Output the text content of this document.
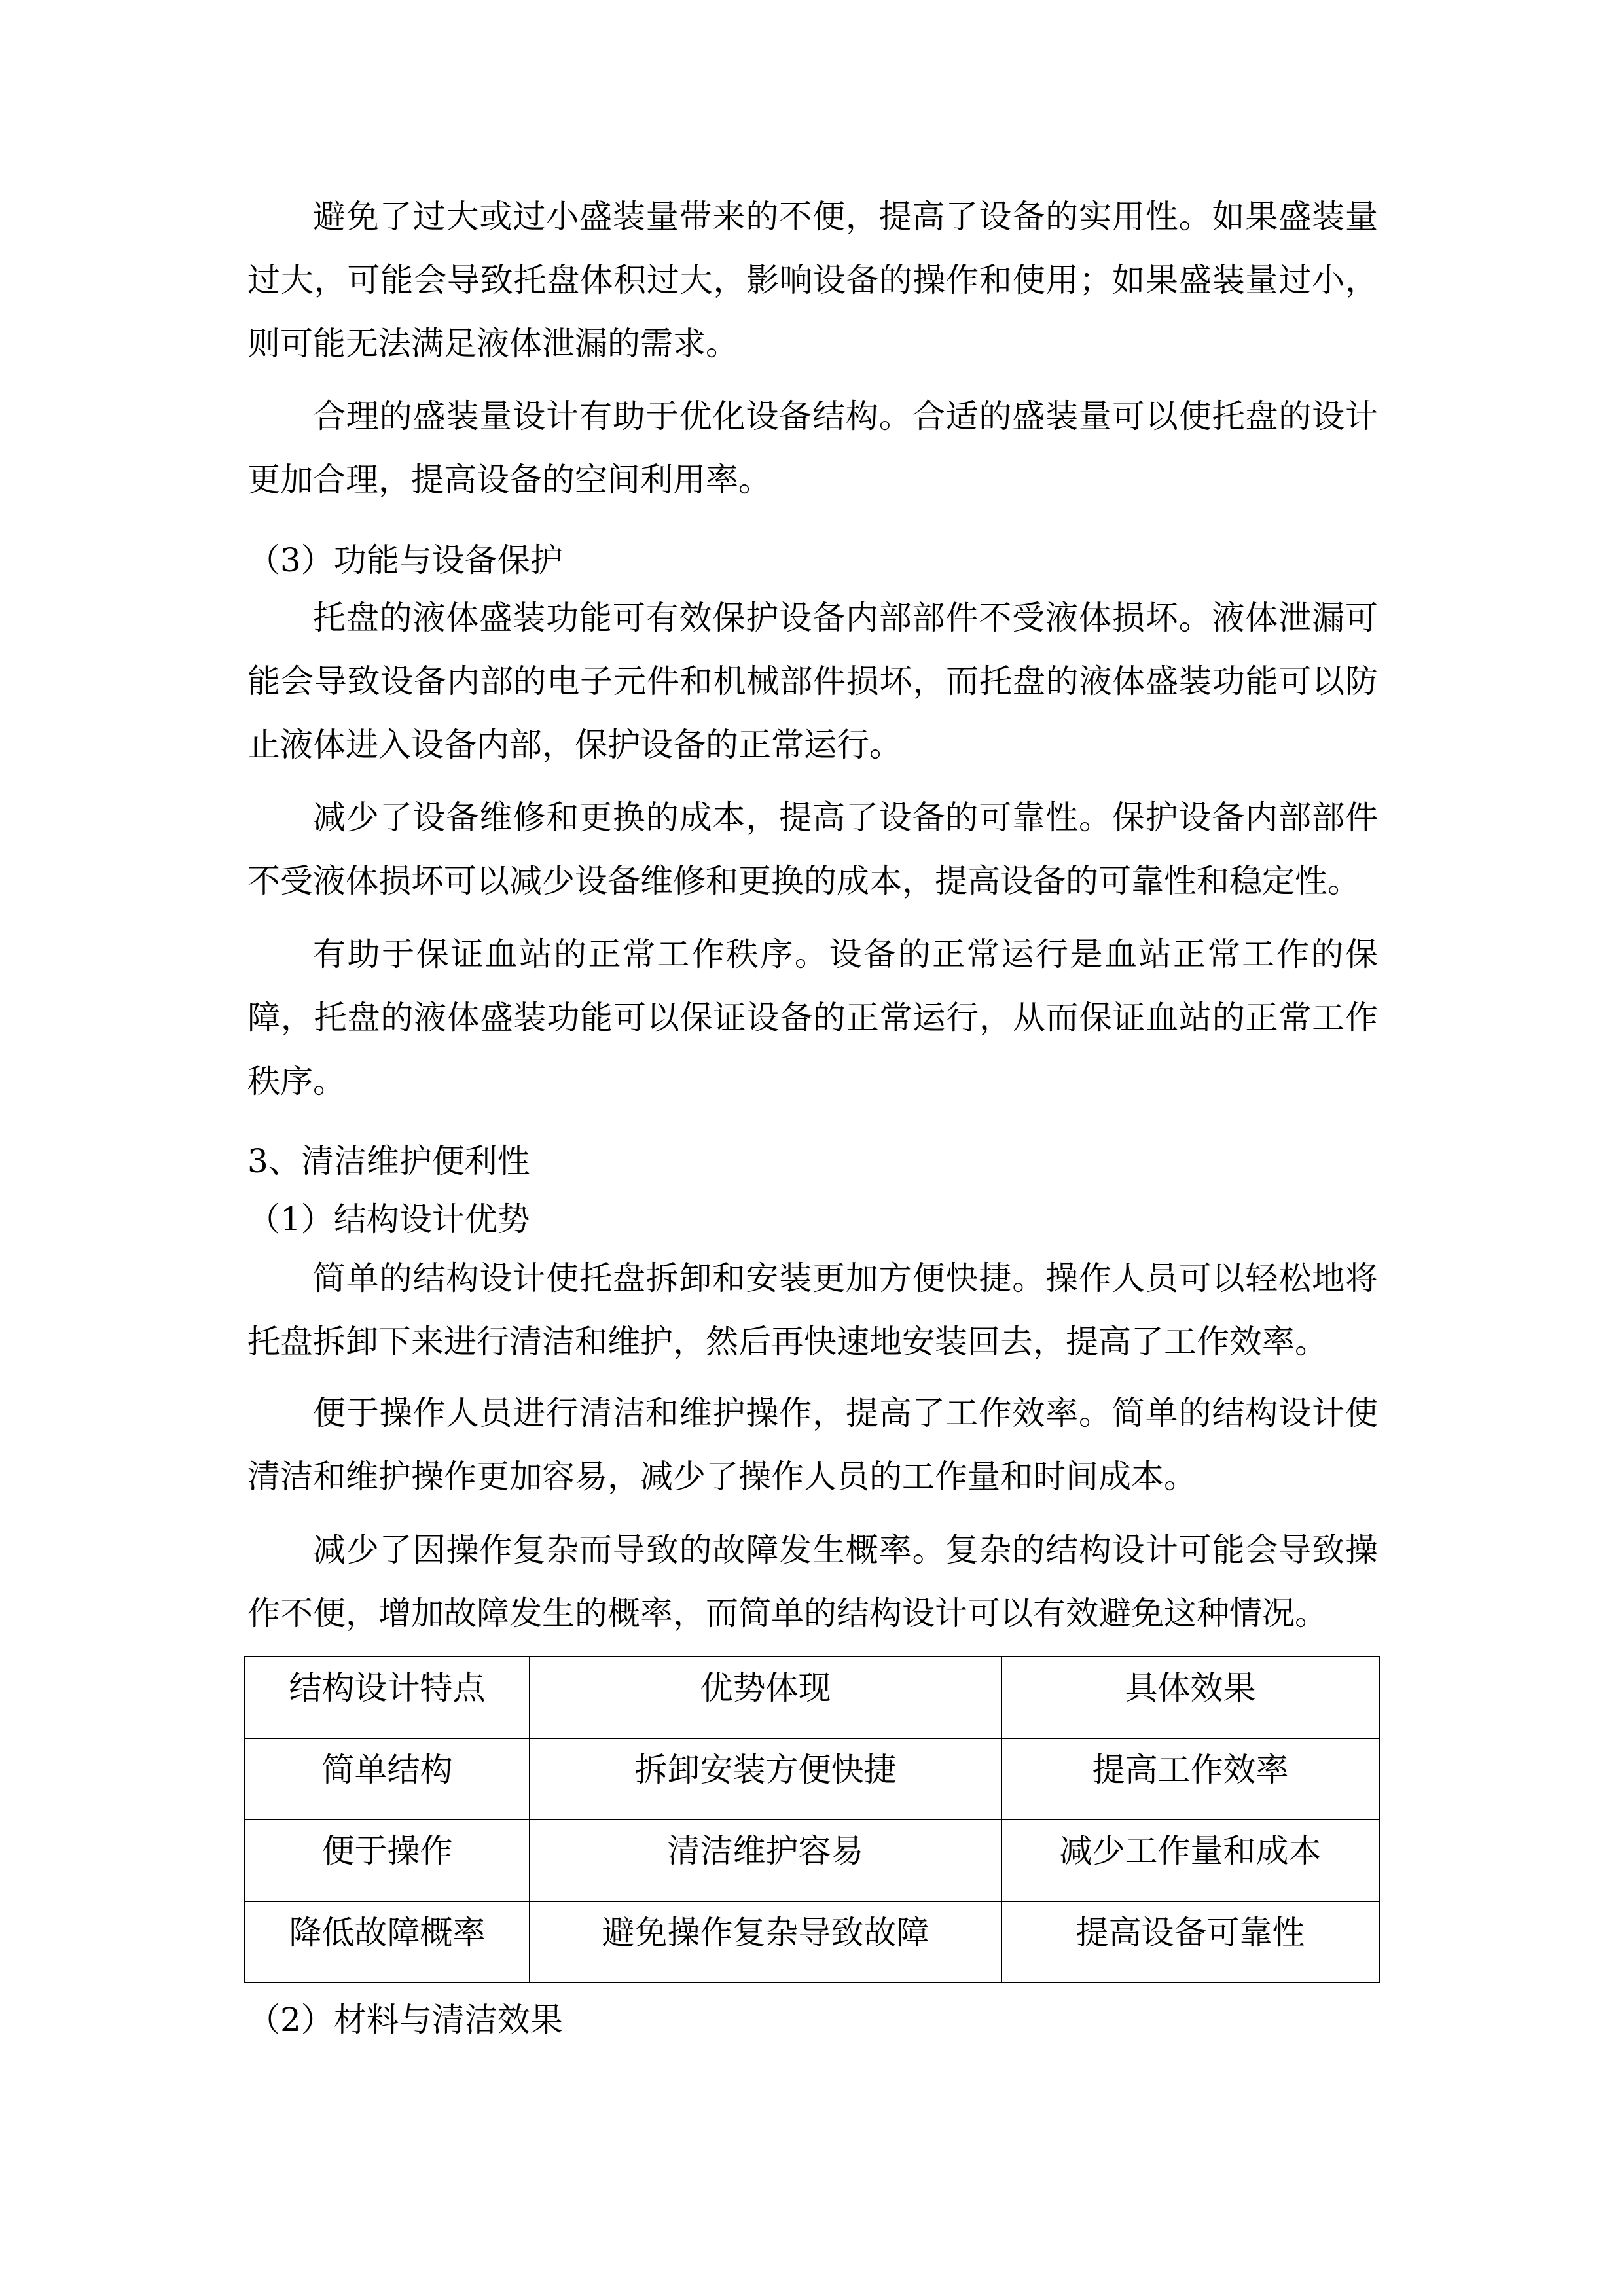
避免了过大或过小盛装量带来的不便，提高了设备的实用性。如果盛装量
过大，可能会导致托盘体积过大，影响设备的操作和使用；如果盛装量过小，
则可能无法满足液体泄漏的需求。
合理的盛装量设计有助于优化设备结构。合适的盛装量可以使托盘的设计
更加合理，提高设备的空间利用率。
（3）功能与设备保护
托盘的液体盛装功能可有效保护设备内部部件不受液体损坏。液体泄漏可
能会导致设备内部的电子元件和机械部件损坏，而托盘的液体盛装功能可以防
止液体进入设备内部，保护设备的正常运行。
减少了设备维修和更换的成本，提高了设备的可靠性。保护设备内部部件
不受液体损坏可以减少设备维修和更换的成本，提高设备的可靠性和稳定性。
有助于保证血站的正常工作秩序。设备的正常运行是血站正常工作的保
障，托盘的液体盛装功能可以保证设备的正常运行，从而保证血站的正常工作
秩序。
3、清洁维护便利性
（1）结构设计优势
简单的结构设计使托盘拆卸和安装更加方便快捷。操作人员可以轻松地将
托盘拆卸下来进行清洁和维护，然后再快速地安装回去，提高了工作效率。
便于操作人员进行清洁和维护操作，提高了工作效率。简单的结构设计使
清洁和维护操作更加容易，减少了操作人员的工作量和时间成本。
减少了因操作复杂而导致的故障发生概率。复杂的结构设计可能会导致操
作不便，增加故障发生的概率，而简单的结构设计可以有效避免这种情况。
结构设计特点	优势体现	具体效果
简单结构	拆卸安装方便快捷	提高工作效率
便于操作	清洁维护容易	减少工作量和成本
降低故障概率	避免操作复杂导致故障	提高设备可靠性
（2）材料与清洁效果
